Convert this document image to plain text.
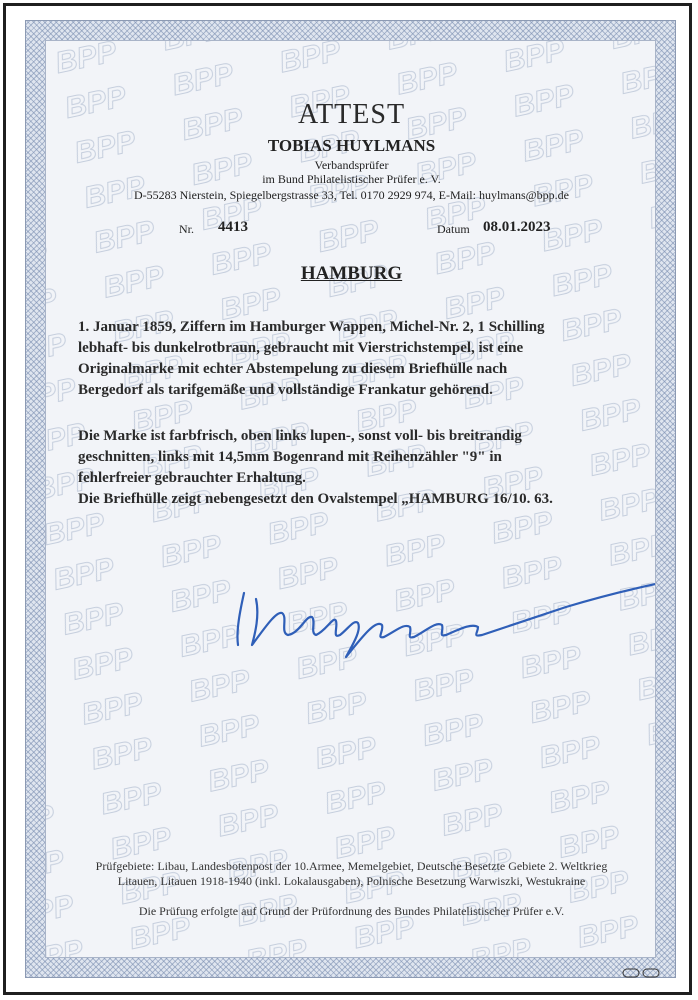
ATTEST
TOBIAS HUYLMANS
Verbandsprüfer
im Bund Philatelistischer Prüfer e. V.
D-55283 Nierstein, Spiegelbergstrasse 33, Tel. 0170 2929 974, E-Mail: huylmans@bpp.de
Nr. 4413	Datum 08.01.2023
HAMBURG
1. Januar 1859, Ziffern im Hamburger Wappen, Michel-Nr. 2, 1 Schilling
lebhaft- bis dunkelrotbraun, gebraucht mit Vierstrichstempel, ist eine
Originalmarke mit echter Abstempelung zu diesem Briefhülle nach
Bergedorf als tarifgemäße und vollständige Frankatur gehörend.
Die Marke ist farbfrisch, oben links lupen-, sonst voll- bis breitrandig
geschnitten, links mit 14,5mm Bogenrand mit Reihenzähler "9" in
fehlerfreier gebrauchter Erhaltung.
Die Briefhülle zeigt nebengesetzt den Ovalstempel „HAMBURG 16/10. 63.
Prüfgebiete: Libau, Landesbotenpost der 10.Armee, Memelgebiet, Deutsche Besetzte Gebiete 2. Weltkrieg
Litauen, Litauen 1918-1940 (inkl. Lokalausgaben), Polnische Besetzung Warwiszki, Westukraine
Die Prüfung erfolgte auf Grund der Prüfordnung des Bundes Philatelistischer Prüfer e.V.
